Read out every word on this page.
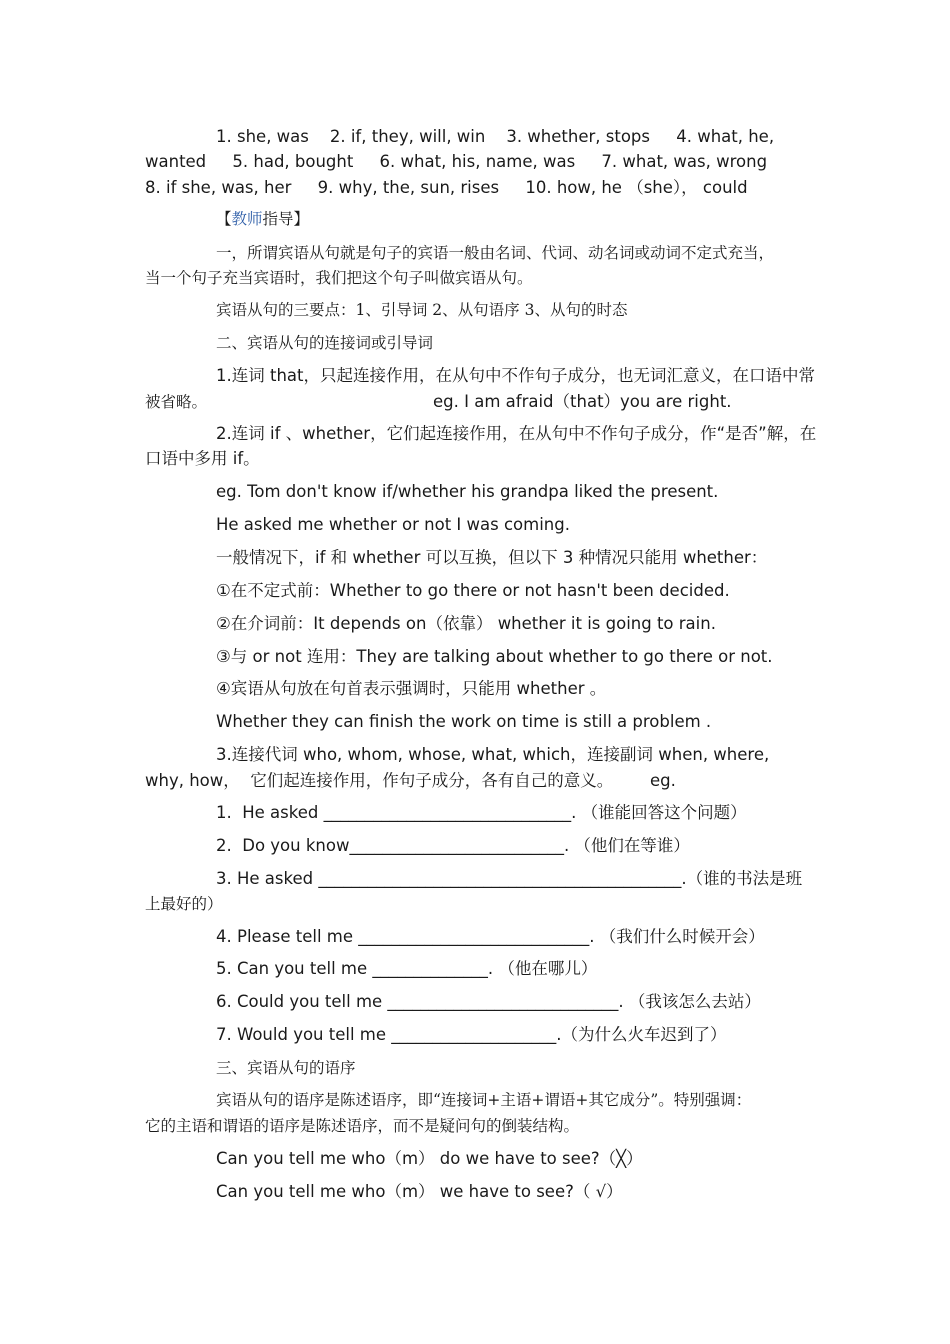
1. she, was    2. if, they, will, win    3. whether, stops     4. what, he,
wanted     5. had, bought     6. what, his, name, was     7. what, was, wrong
8. if she, was, her     9. why, the, sun, rises     10. how, he （she）， could
【教师指导】
一，所谓宾语从句就是句子的宾语一般由名词、代词、动名词或动词不定式充当，
当一个句子充当宾语时，我们把这个句子叫做宾语从句。
宾语从句的三要点：1、引导词 2、从句语序 3、从句的时态
二、宾语从句的连接词或引导词
1.连词 that，只起连接作用，在从句中不作句子成分，也无词汇意义，在口语中常
被省略。	eg. I am afraid（that）you are right.
2.连词 if 、whether，它们起连接作用，在从句中不作句子成分，作“是否”解，在
口语中多用 if。
eg. Tom don't know if/whether his grandpa liked the present.
He asked me whether or not I was coming.
一般情况下，if 和 whether 可以互换，但以下 3 种情况只能用 whether：
①在不定式前：Whether to go there or not hasn't been decided.
②在介词前：It depends on（依靠） whether it is going to rain.
③与 or not 连用：They are talking about whether to go there or not.
④宾语从句放在句首表示强调时，只能用 whether 。
Whether they can finish the work on time is still a problem .
3.连接代词 who, whom, whose, what, which，连接副词 when, where,
why, how，  它们起连接作用，作句子成分，各有自己的意义。       eg.
1.  He asked ______________________________. （谁能回答这个问题）
2.  Do you know__________________________. （他们在等谁）
3. He asked ____________________________________________.（谁的书法是班
上最好的）
4. Please tell me ____________________________. （我们什么时候开会）
5. Can you tell me ______________. （他在哪儿）
6. Could you tell me ____________________________. （我该怎么去站）
7. Would you tell me ____________________.（为什么火车迟到了）
三、宾语从句的语序
宾语从句的语序是陈述语序，即“连接词+主语+谓语+其它成分”。特别强调：
它的主语和谓语的语序是陈述语序，而不是疑问句的倒装结构。
Can you tell me who（m） do we have to see?（╳）
Can you tell me who（m） we have to see?（ √）
